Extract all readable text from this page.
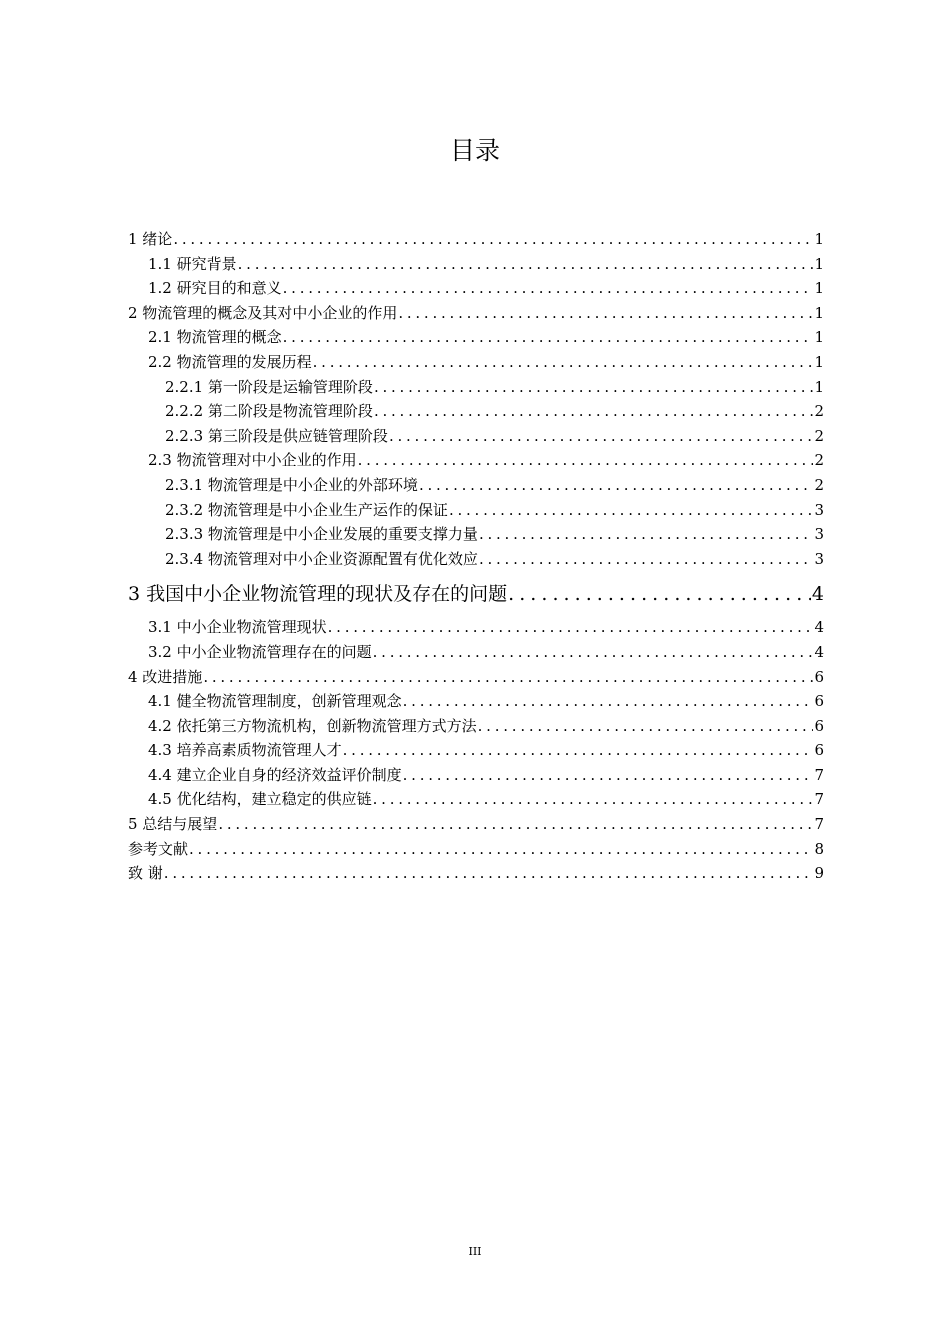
目录
1 绪论 . . .	1
1.1 研究背景 . . .	1
1.2 研究目的和意义 . . .	1
2 物流管理的概念及其对中小企业的作用 . . .	1
2.1 物流管理的概念 . . .	1
2.2 物流管理的发展历程 . . .	1
2.2.1 第一阶段是运输管理阶段 . . .	1
2.2.2 第二阶段是物流管理阶段 . . .	2
2.2.3 第三阶段是供应链管理阶段 . . .	2
2.3 物流管理对中小企业的作用 . . .	2
2.3.1 物流管理是中小企业的外部环境 . . .	2
2.3.2 物流管理是中小企业生产运作的保证 . . .	3
2.3.3 物流管理是中小企业发展的重要支撑力量 . . .	3
2.3.4 物流管理对中小企业资源配置有优化效应 . . .	3
3 我国中小企业物流管理的现状及存在的问题 . . .	4
3.1 中小企业物流管理现状 . . .	4
3.2 中小企业物流管理存在的问题 . . .	4
4 改进措施 . . .	6
4.1 健全物流管理制度，创新管理观念 . . .	6
4.2 依托第三方物流机构，创新物流管理方式方法 . . .	6
4.3 培养高素质物流管理人才 . . .	6
4.4 建立企业自身的经济效益评价制度 . . .	7
4.5 优化结构，建立稳定的供应链 . . .	7
5 总结与展望 . . .	7
参考文献 . . .	8
致 谢 . . .	9
III
